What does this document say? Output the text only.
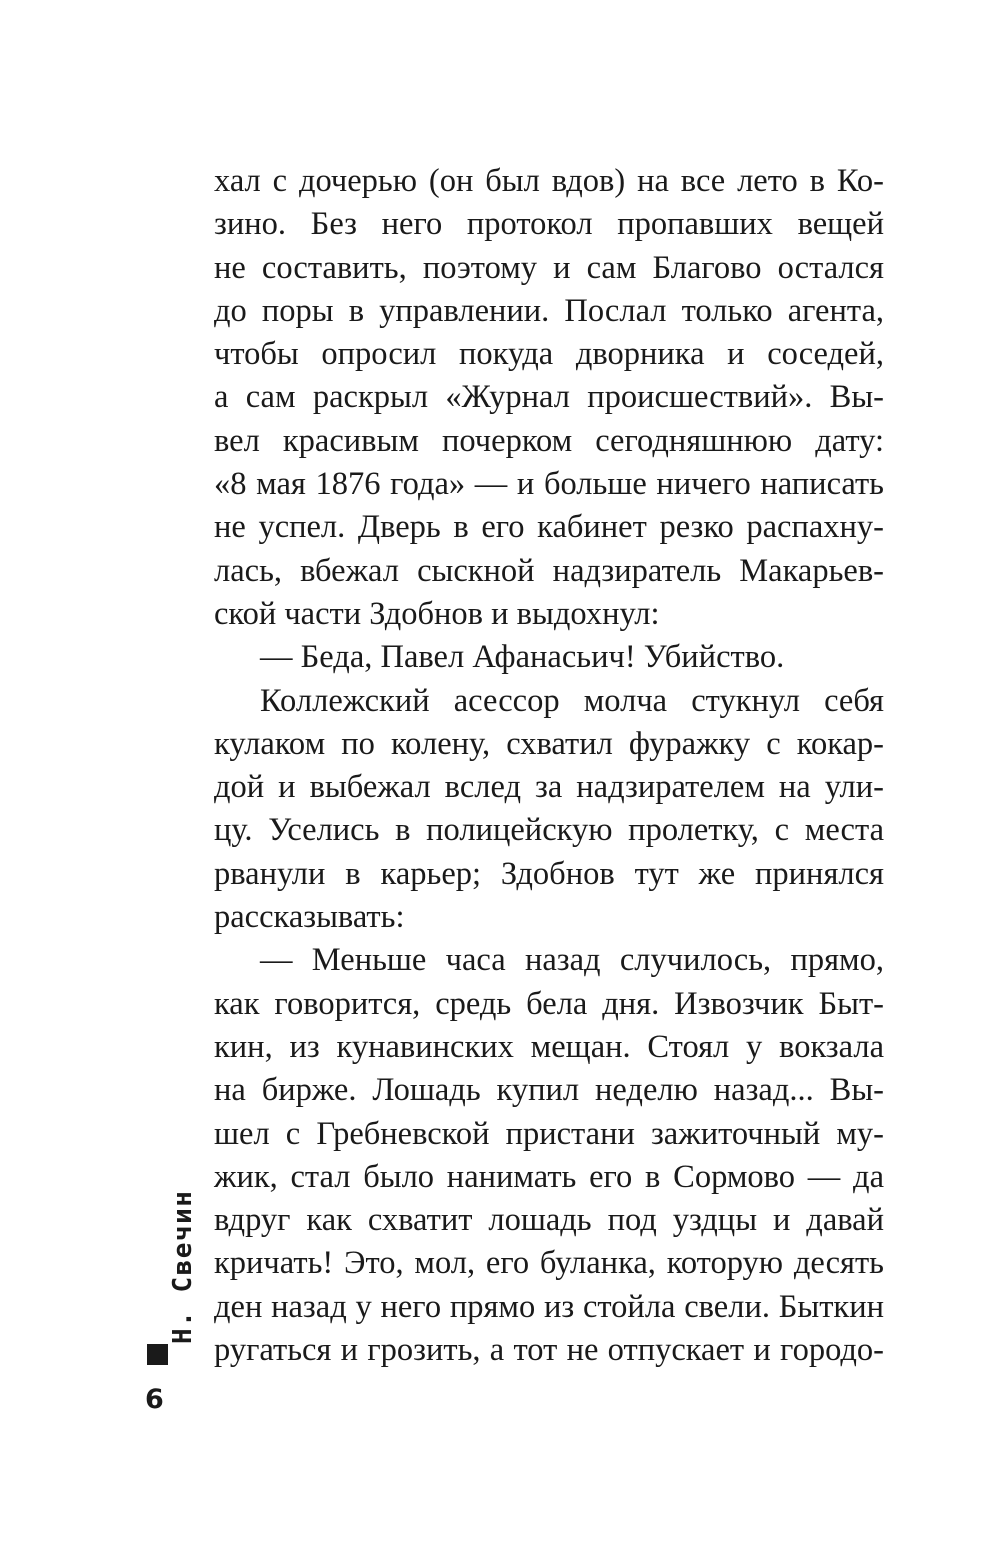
хал с дочерью (он был вдов) на все лето в Ко-
зино. Без него протокол пропавших вещей
не составить, поэтому и сам Благово остался
до поры в управлении. Послал только агента,
чтобы опросил покуда дворника и соседей,
а сам раскрыл «Журнал происшествий». Вы-
вел красивым почерком сегодняшнюю дату:
«8 мая 1876 года» — и больше ничего написать
не успел. Дверь в его кабинет резко распахну-
лась, вбежал сыскной надзиратель Макарьев-
ской части Здобнов и выдохнул:
— Беда, Павел Афанасьич! Убийство.
Коллежский асессор молча стукнул себя
кулаком по колену, схватил фуражку с кокар-
дой и выбежал вслед за надзирателем на ули-
цу. Уселись в полицейскую пролетку, с места
рванули в карьер; Здобнов тут же принялся
рассказывать:
— Меньше часа назад случилось, прямо,
как говорится, средь бела дня. Извозчик Быт-
кин, из кунавинских мещан. Стоял у вокзала
на бирже. Лошадь купил неделю назад... Вы-
шел с Гребневской пристани зажиточный му-
жик, стал было нанимать его в Сормово — да
вдруг как схватит лошадь под уздцы и давай
кричать! Это, мол, его буланка, которую десять
ден назад у него прямо из стойла свели. Быткин
ругаться и грозить, а тот не отпускает и городо-
Н. Свечин
6
